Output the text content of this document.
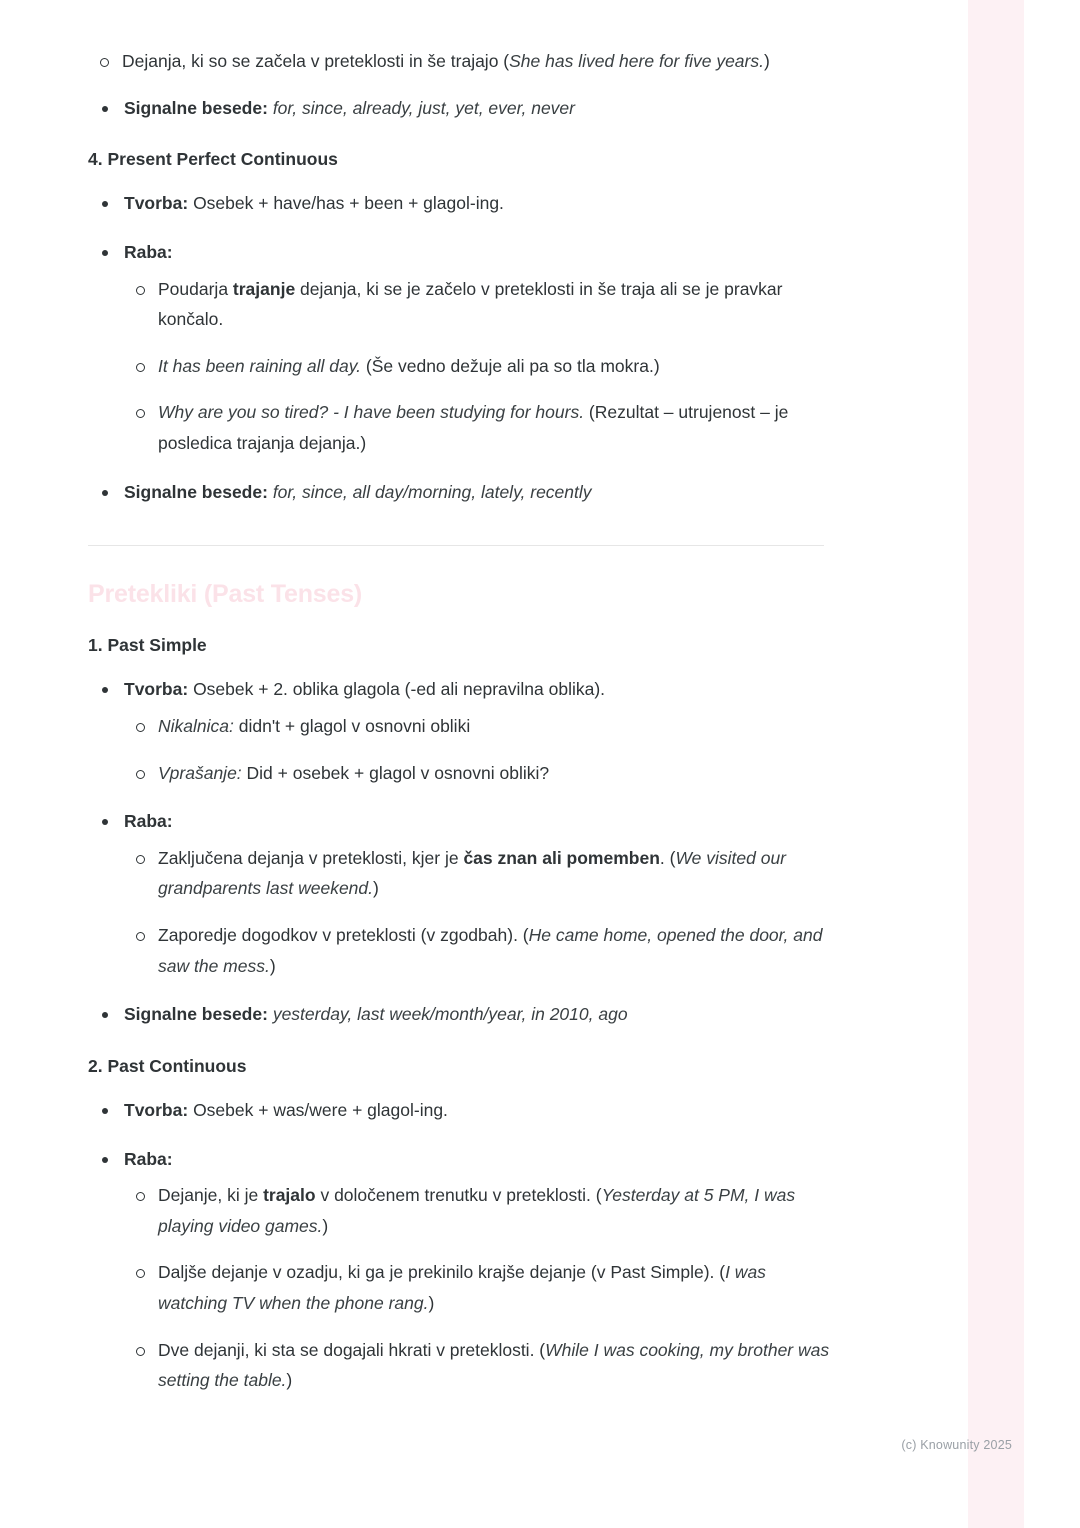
Dejanja, ki so se začela v preteklosti in še trajajo (She has lived here for five years.)
Signalne besede: for, since, already, just, yet, ever, never
4. Present Perfect Continuous
Tvorba: Osebek + have/has + been + glagol-ing.
Raba:
Poudarja trajanje dejanja, ki se je začelo v preteklosti in še traja ali se je pravkar končalo.
It has been raining all day. (Še vedno dežuje ali pa so tla mokra.)
Why are you so tired? - I have been studying for hours. (Rezultat – utrujenost – je posledica trajanja dejanja.)
Signalne besede: for, since, all day/morning, lately, recently
Pretekliki (Past Tenses)
1. Past Simple
Tvorba: Osebek + 2. oblika glagola (-ed ali nepravilna oblika).
Nikalnica: didn't + glagol v osnovni obliki
Vprašanje: Did + osebek + glagol v osnovni obliki?
Raba:
Zaključena dejanja v preteklosti, kjer je čas znan ali pomemben. (We visited our grandparents last weekend.)
Zaporedje dogodkov v preteklosti (v zgodbah). (He came home, opened the door, and saw the mess.)
Signalne besede: yesterday, last week/month/year, in 2010, ago
2. Past Continuous
Tvorba: Osebek + was/were + glagol-ing.
Raba:
Dejanje, ki je trajalo v določenem trenutku v preteklosti. (Yesterday at 5 PM, I was playing video games.)
Daljše dejanje v ozadju, ki ga je prekinilo krajše dejanje (v Past Simple). (I was watching TV when the phone rang.)
Dve dejanji, ki sta se dogajali hkrati v preteklosti. (While I was cooking, my brother was setting the table.)
(c) Knowunity 2025
